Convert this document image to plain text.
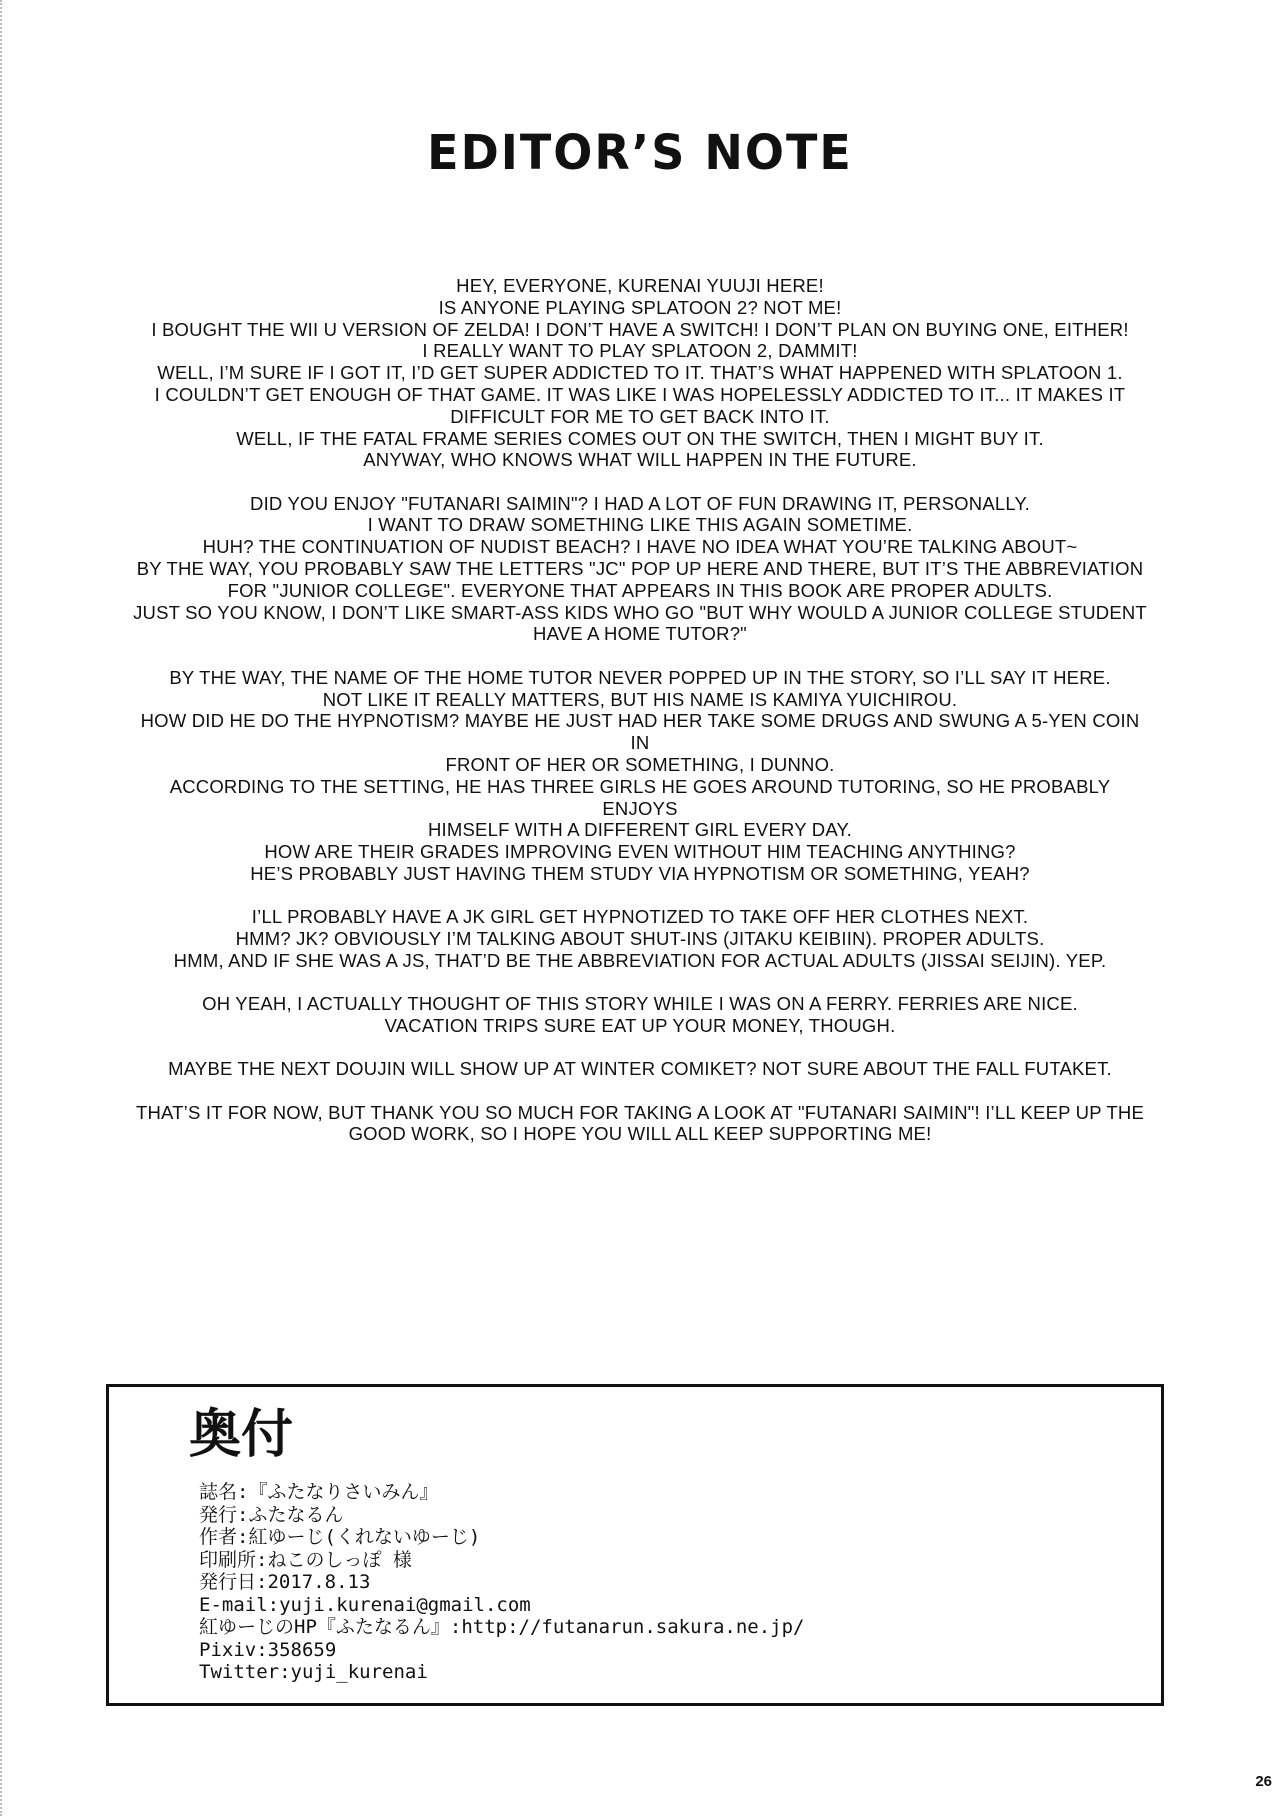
EDITOR’S NOTE

HEY, EVERYONE, KURENAI YUUJI HERE!
IS ANYONE PLAYING SPLATOON 2? NOT ME!
I BOUGHT THE WII U VERSION OF ZELDA! I DON’T HAVE A SWITCH! I DON’T PLAN ON BUYING ONE, EITHER!
I REALLY WANT TO PLAY SPLATOON 2, DAMMIT!
WELL, I’M SURE IF I GOT IT, I’D GET SUPER ADDICTED TO IT. THAT’S WHAT HAPPENED WITH SPLATOON 1.
I COULDN’T GET ENOUGH OF THAT GAME. IT WAS LIKE I WAS HOPELESSLY ADDICTED TO IT... IT MAKES IT
DIFFICULT FOR ME TO GET BACK INTO IT.
WELL, IF THE FATAL FRAME SERIES COMES OUT ON THE SWITCH, THEN I MIGHT BUY IT.
ANYWAY, WHO KNOWS WHAT WILL HAPPEN IN THE FUTURE.

DID YOU ENJOY "FUTANARI SAIMIN"? I HAD A LOT OF FUN DRAWING IT, PERSONALLY.
I WANT TO DRAW SOMETHING LIKE THIS AGAIN SOMETIME.
HUH? THE CONTINUATION OF NUDIST BEACH? I HAVE NO IDEA WHAT YOU’RE TALKING ABOUT~
BY THE WAY, YOU PROBABLY SAW THE LETTERS "JC" POP UP HERE AND THERE, BUT IT’S THE ABBREVIATION
FOR "JUNIOR COLLEGE". EVERYONE THAT APPEARS IN THIS BOOK ARE PROPER ADULTS.
JUST SO YOU KNOW, I DON’T LIKE SMART-ASS KIDS WHO GO "BUT WHY WOULD A JUNIOR COLLEGE STUDENT
HAVE A HOME TUTOR?"

BY THE WAY, THE NAME OF THE HOME TUTOR NEVER POPPED UP IN THE STORY, SO I’LL SAY IT HERE.
NOT LIKE IT REALLY MATTERS, BUT HIS NAME IS KAMIYA YUICHIROU.
HOW DID HE DO THE HYPNOTISM? MAYBE HE JUST HAD HER TAKE SOME DRUGS AND SWUNG A 5-YEN COIN IN
FRONT OF HER OR SOMETHING, I DUNNO.
ACCORDING TO THE SETTING, HE HAS THREE GIRLS HE GOES AROUND TUTORING, SO HE PROBABLY ENJOYS
HIMSELF WITH A DIFFERENT GIRL EVERY DAY.
HOW ARE THEIR GRADES IMPROVING EVEN WITHOUT HIM TEACHING ANYTHING?
HE’S PROBABLY JUST HAVING THEM STUDY VIA HYPNOTISM OR SOMETHING, YEAH?

I’LL PROBABLY HAVE A JK GIRL GET HYPNOTIZED TO TAKE OFF HER CLOTHES NEXT.
HMM? JK? OBVIOUSLY I’M TALKING ABOUT SHUT-INS (JITAKU KEIBIIN). PROPER ADULTS.
HMM, AND IF SHE WAS A JS, THAT’D BE THE ABBREVIATION FOR ACTUAL ADULTS (JISSAI SEIJIN). YEP.

OH YEAH, I ACTUALLY THOUGHT OF THIS STORY WHILE I WAS ON A FERRY. FERRIES ARE NICE.
VACATION TRIPS SURE EAT UP YOUR MONEY, THOUGH.

MAYBE THE NEXT DOUJIN WILL SHOW UP AT WINTER COMIKET? NOT SURE ABOUT THE FALL FUTAKET.

THAT’S IT FOR NOW, BUT THANK YOU SO MUCH FOR TAKING A LOOK AT "FUTANARI SAIMIN"! I’LL KEEP UP THE
GOOD WORK, SO I HOPE YOU WILL ALL KEEP SUPPORTING ME!

奥付
誌名:『ふたなりさいみん』
発行:ふたなるん
作者:紅ゆーじ(くれないゆーじ)
印刷所:ねこのしっぽ 様
発行日:2017.8.13
E-mail:yuji.kurenai@gmail.com
紅ゆーじのHP『ふたなるん』:http://futanarun.sakura.ne.jp/
Pixiv:358659
Twitter:yuji_kurenai
26
